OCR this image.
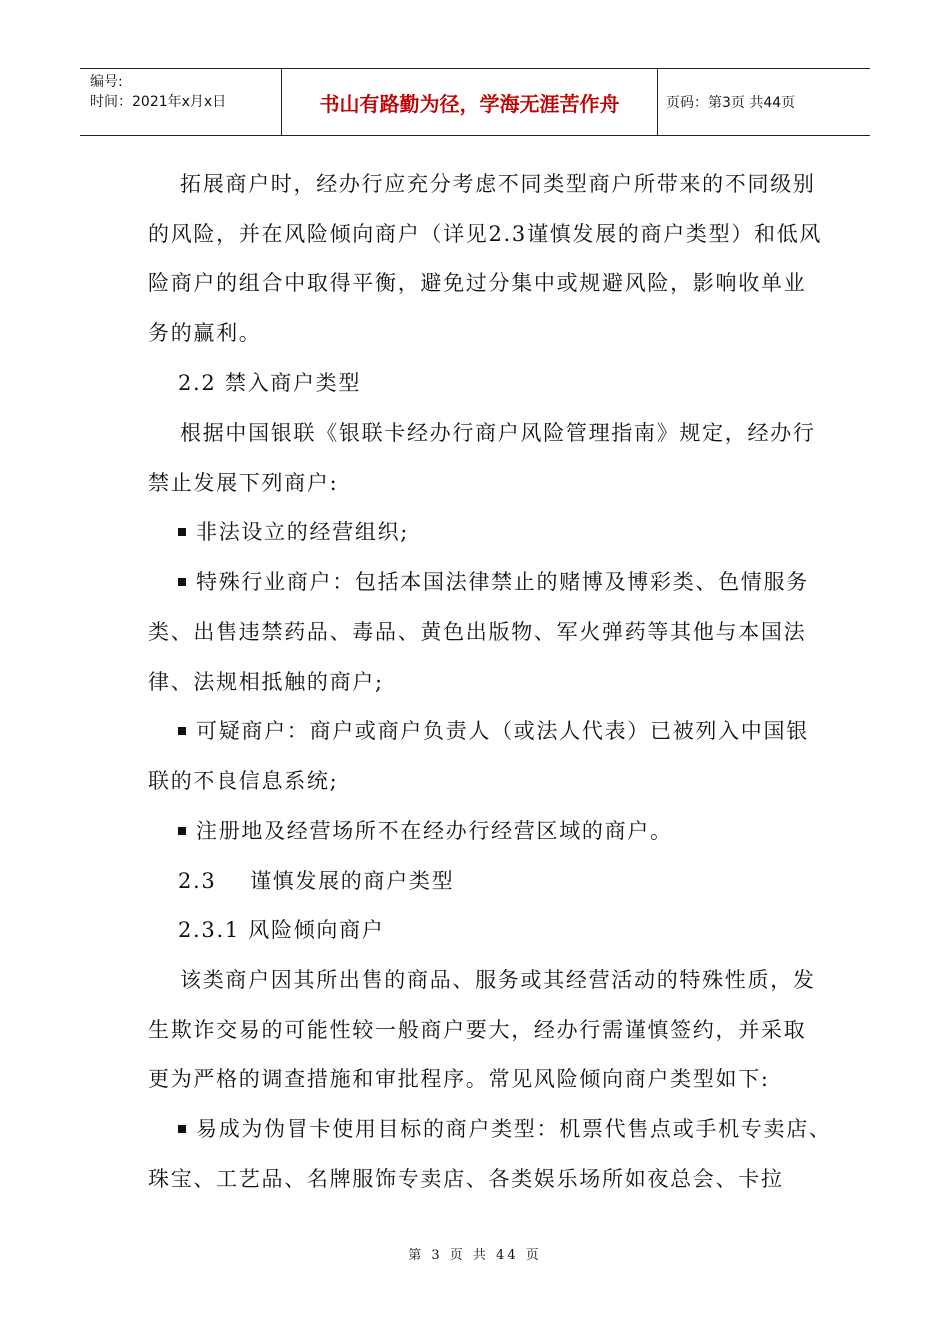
编号:
时间：2021年x月x日	书山有路勤为径，学海无涯苦作舟	页码：第3页 共44页
拓展商户时，经办行应充分考虑不同类型商户所带来的不同级别
的风险，并在风险倾向商户（详见2.3谨慎发展的商户类型）和低风
险商户的组合中取得平衡，避免过分集中或规避风险，影响收单业
务的赢利。
2.2 禁入商户类型
根据中国银联《银联卡经办行商户风险管理指南》规定，经办行
禁止发展下列商户:
非法设立的经营组织;
特殊行业商户：包括本国法律禁止的赌博及博彩类、色情服务
类、出售违禁药品、毒品、黄色出版物、军火弹药等其他与本国法
律、法规相抵触的商户;
可疑商户：商户或商户负责人（或法人代表）已被列入中国银
联的不良信息系统;
注册地及经营场所不在经办行经营区域的商户。
2.3    谨慎发展的商户类型
2.3.1 风险倾向商户
该类商户因其所出售的商品、服务或其经营活动的特殊性质，发
生欺诈交易的可能性较一般商户要大，经办行需谨慎签约，并采取
更为严格的调查措施和审批程序。常见风险倾向商户类型如下:
易成为伪冒卡使用目标的商户类型：机票代售点或手机专卖店、
珠宝、工艺品、名牌服饰专卖店、各类娱乐场所如夜总会、卡拉
第 3 页 共 44 页
